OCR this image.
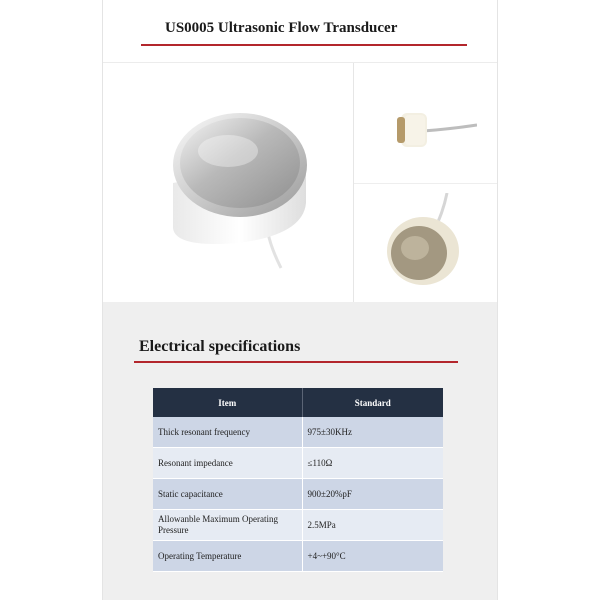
US0005 Ultrasonic Flow Transducer
Electrical specifications
Item	Standard
Thick resonant frequency	975±30KHz
Resonant impedance	≤110Ω
Static capacitance	900±20%pF
Allowanble Maximum Operating Pressure	2.5MPa
Operating Temperature	+4~+90°C
